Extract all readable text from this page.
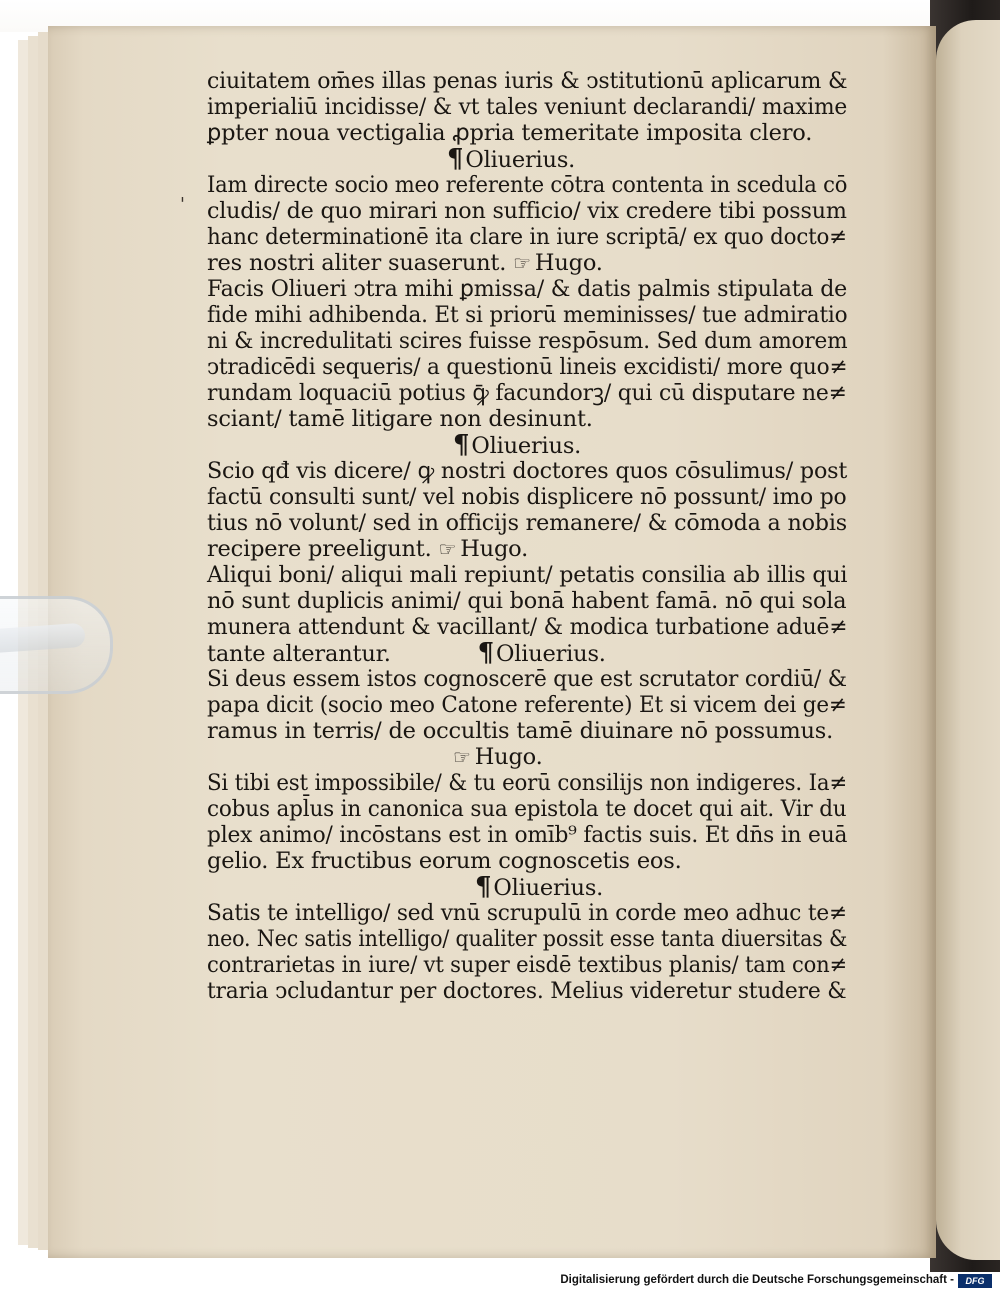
'
ciuitatem om̄es illas penas iuris & ↄstitutionū aplicarum &
imperialiū incidisse/ & vt tales veniunt declarandi/ maxime
ꝑpter noua vectigalia ꝓpria temeritate imposita clero.
¶Oliuerius.
Iam directe socio meo referente cōtra contenta in scedula cō
cludis/ de quo mirari non sufficio/ vix credere tibi possum
hanc determinationē ita clare in iure scriptā/ ex quo docto≠
res nostri aliter suaserunt. ☞ Hugo.
Facis Oliueri ↄtra mihi ꝑmissa/ & datis palmis stipulata de
fide mihi adhibenda. Et si priorū meminisses/ tue admiratio
ni & incredulitati scires fuisse respōsum. Sed dum amorem
ↄtradicēdi sequeris/ a questionū lineis excidisti/ more quo≠
rundam loquaciū potius ꝙ̄ facundorꝫ/ qui cū disputare ne≠
sciant/ tamē litigare non desinunt.
¶Oliuerius.
Scio qđ vis dicere/ ꝙ nostri doctores quos cōsulimus/ post
factū consulti sunt/ vel nobis displicere nō possunt/ imo po
tius nō volunt/ sed in officijs remanere/ & cōmoda a nobis
recipere preeligunt. ☞ Hugo.
Aliqui boni/ aliqui mali repiunt/ petatis consilia ab illis qui
nō sunt duplicis animi/ qui bonā habent famā. nō qui sola
munera attendunt & vacillant/ & modica turbatione aduē≠
tante alterantur.	¶Oliuerius.
Si deus essem istos cognoscerē que est scrutator cordiū/ &
papa dicit (socio meo Catone referente) Et si vicem dei ge≠
ramus in terris/ de occultis tamē diuinare nō possumus.
☞ Hugo.
Si tibi est impossibile/ & tu eorū consilijs non indigeres. Ia≠
cobus apl̄us in canonica sua epistola te docet qui ait. Vir du
plex animo/ incōstans est in omīb⁹ factis suis. Et dn̄s in euā
gelio. Ex fructibus eorum cognoscetis eos.
¶Oliuerius.
Satis te intelligo/ sed vnū scrupulū in corde meo adhuc te≠
neo. Nec satis intelligo/ qualiter possit esse tanta diuersitas &
contrarietas in iure/ vt super eisdē textibus planis/ tam con≠
traria ↄcludantur per doctores. Melius videretur studere &
Digitalisierung gefördert durch die Deutsche Forschungsgemeinschaft -	DFG
